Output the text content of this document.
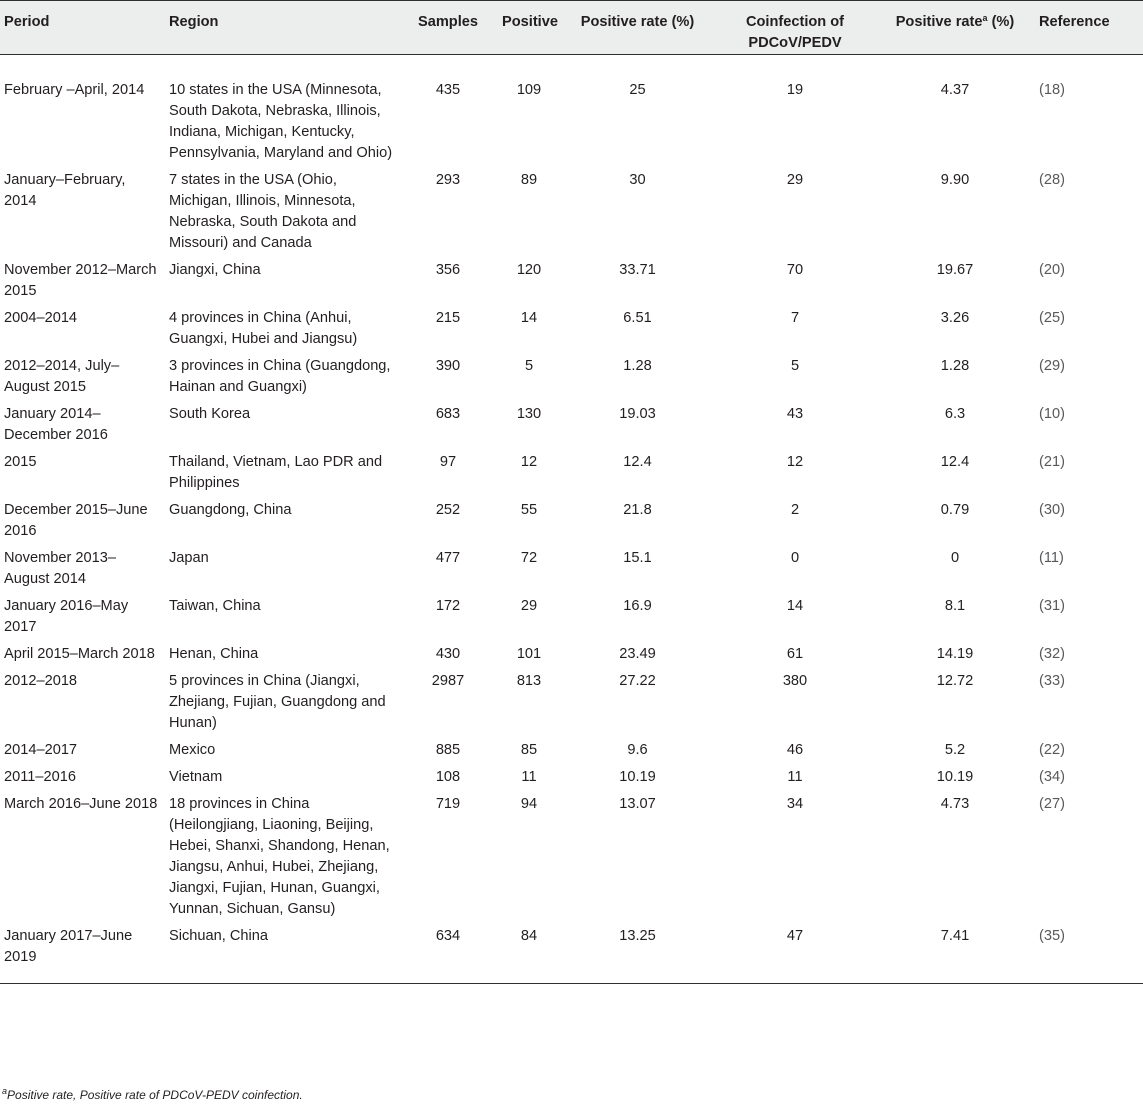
Period	Region	Samples	Positive	Positive rate (%)	Coinfection of PDCoV/PEDV	Positive rate$^a$ (%)	Reference
February –April, 2014	10 states in the USA (Minnesota, South Dakota, Nebraska, Illinois, Indiana, Michigan, Kentucky, Pennsylvania, Maryland and Ohio)	435	109	25	19	4.37	(18)
January–February, 2014	7 states in the USA (Ohio, Michigan, Illinois, Minnesota, Nebraska, South Dakota and Missouri) and Canada	293	89	30	29	9.90	(28)
November 2012–March 2015	Jiangxi, China	356	120	33.71	70	19.67	(20)
2004–2014	4 provinces in China (Anhui, Guangxi, Hubei and Jiangsu)	215	14	6.51	7	3.26	(25)
2012–2014, July–August 2015	3 provinces in China (Guangdong, Hainan and Guangxi)	390	5	1.28	5	1.28	(29)
January 2014–December 2016	South Korea	683	130	19.03	43	6.3	(10)
2015	Thailand, Vietnam, Lao PDR and Philippines	97	12	12.4	12	12.4	(21)
December 2015–June 2016	Guangdong, China	252	55	21.8	2	0.79	(30)
November 2013–August 2014	Japan	477	72	15.1	0	0	(11)
January 2016–May 2017	Taiwan, China	172	29	16.9	14	8.1	(31)
April 2015–March 2018	Henan, China	430	101	23.49	61	14.19	(32)
2012–2018	5 provinces in China (Jiangxi, Zhejiang, Fujian, Guangdong and Hunan)	2987	813	27.22	380	12.72	(33)
2014–2017	Mexico	885	85	9.6	46	5.2	(22)
2011–2016	Vietnam	108	11	10.19	11	10.19	(34)
March 2016–June 2018	18 provinces in China (Heilongjiang, Liaoning, Beijing, Hebei, Shanxi, Shandong, Henan, Jiangsu, Anhui, Hubei, Zhejiang, Jiangxi, Fujian, Hunan, Guangxi, Yunnan, Sichuan, Gansu)	719	94	13.07	34	4.73	(27)
January 2017–June 2019	Sichuan, China	634	84	13.25	47	7.41	(35)
$^a$Positive rate, Positive rate of PDCoV-PEDV coinfection.
